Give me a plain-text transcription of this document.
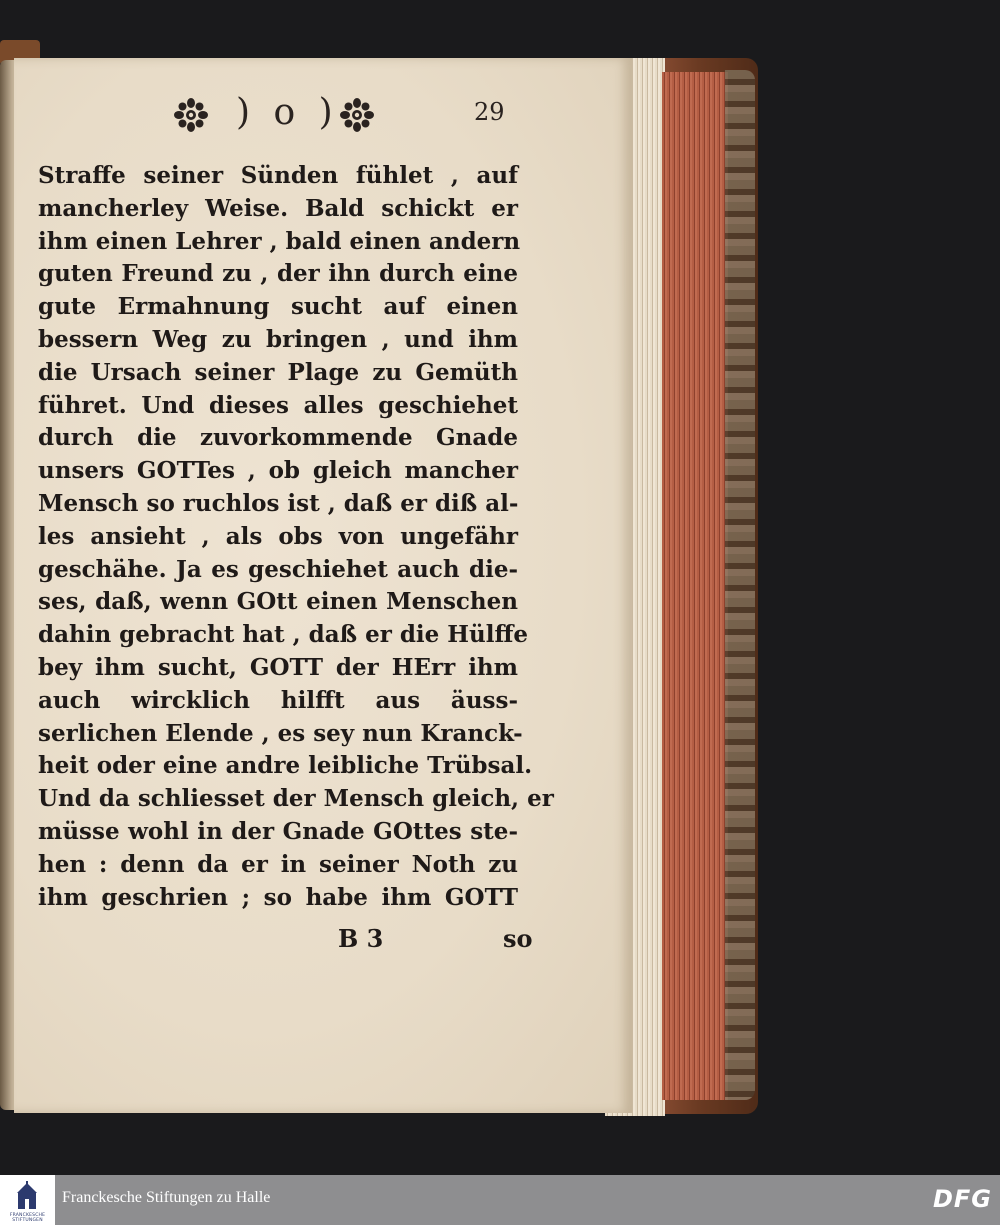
) o )	29
Straffe seiner Sünden fühlet , auf
mancherley Weise. Bald schickt er
ihm einen Lehrer , bald einen andern
guten Freund zu , der ihn durch eine
gute Ermahnung sucht auf einen
bessern Weg zu bringen , und ihm
die Ursach seiner Plage zu Gemüth
führet. Und dieses alles geschiehet
durch die zuvorkommende Gnade
unsers GOTTes , ob gleich mancher
Mensch so ruchlos ist , daß er diß al-
les ansieht , als obs von ungefähr
geschähe. Ja es geschiehet auch die-
ses, daß, wenn GOtt einen Menschen
dahin gebracht hat , daß er die Hülffe
bey ihm sucht, GOTT der HErr ihm
auch wircklich hilfft aus äuss-
serlichen Elende , es sey nun Kranck-
heit oder eine andre leibliche Trübsal.
Und da schliesset der Mensch gleich, er
müsse wohl in der Gnade GOttes ste-
hen : denn da er in seiner Noth zu
ihm geschrien ; so habe ihm GOTT
B 3	so
FRANCKESCHE STIFTUNGEN
Franckesche Stiftungen zu Halle	DFG
